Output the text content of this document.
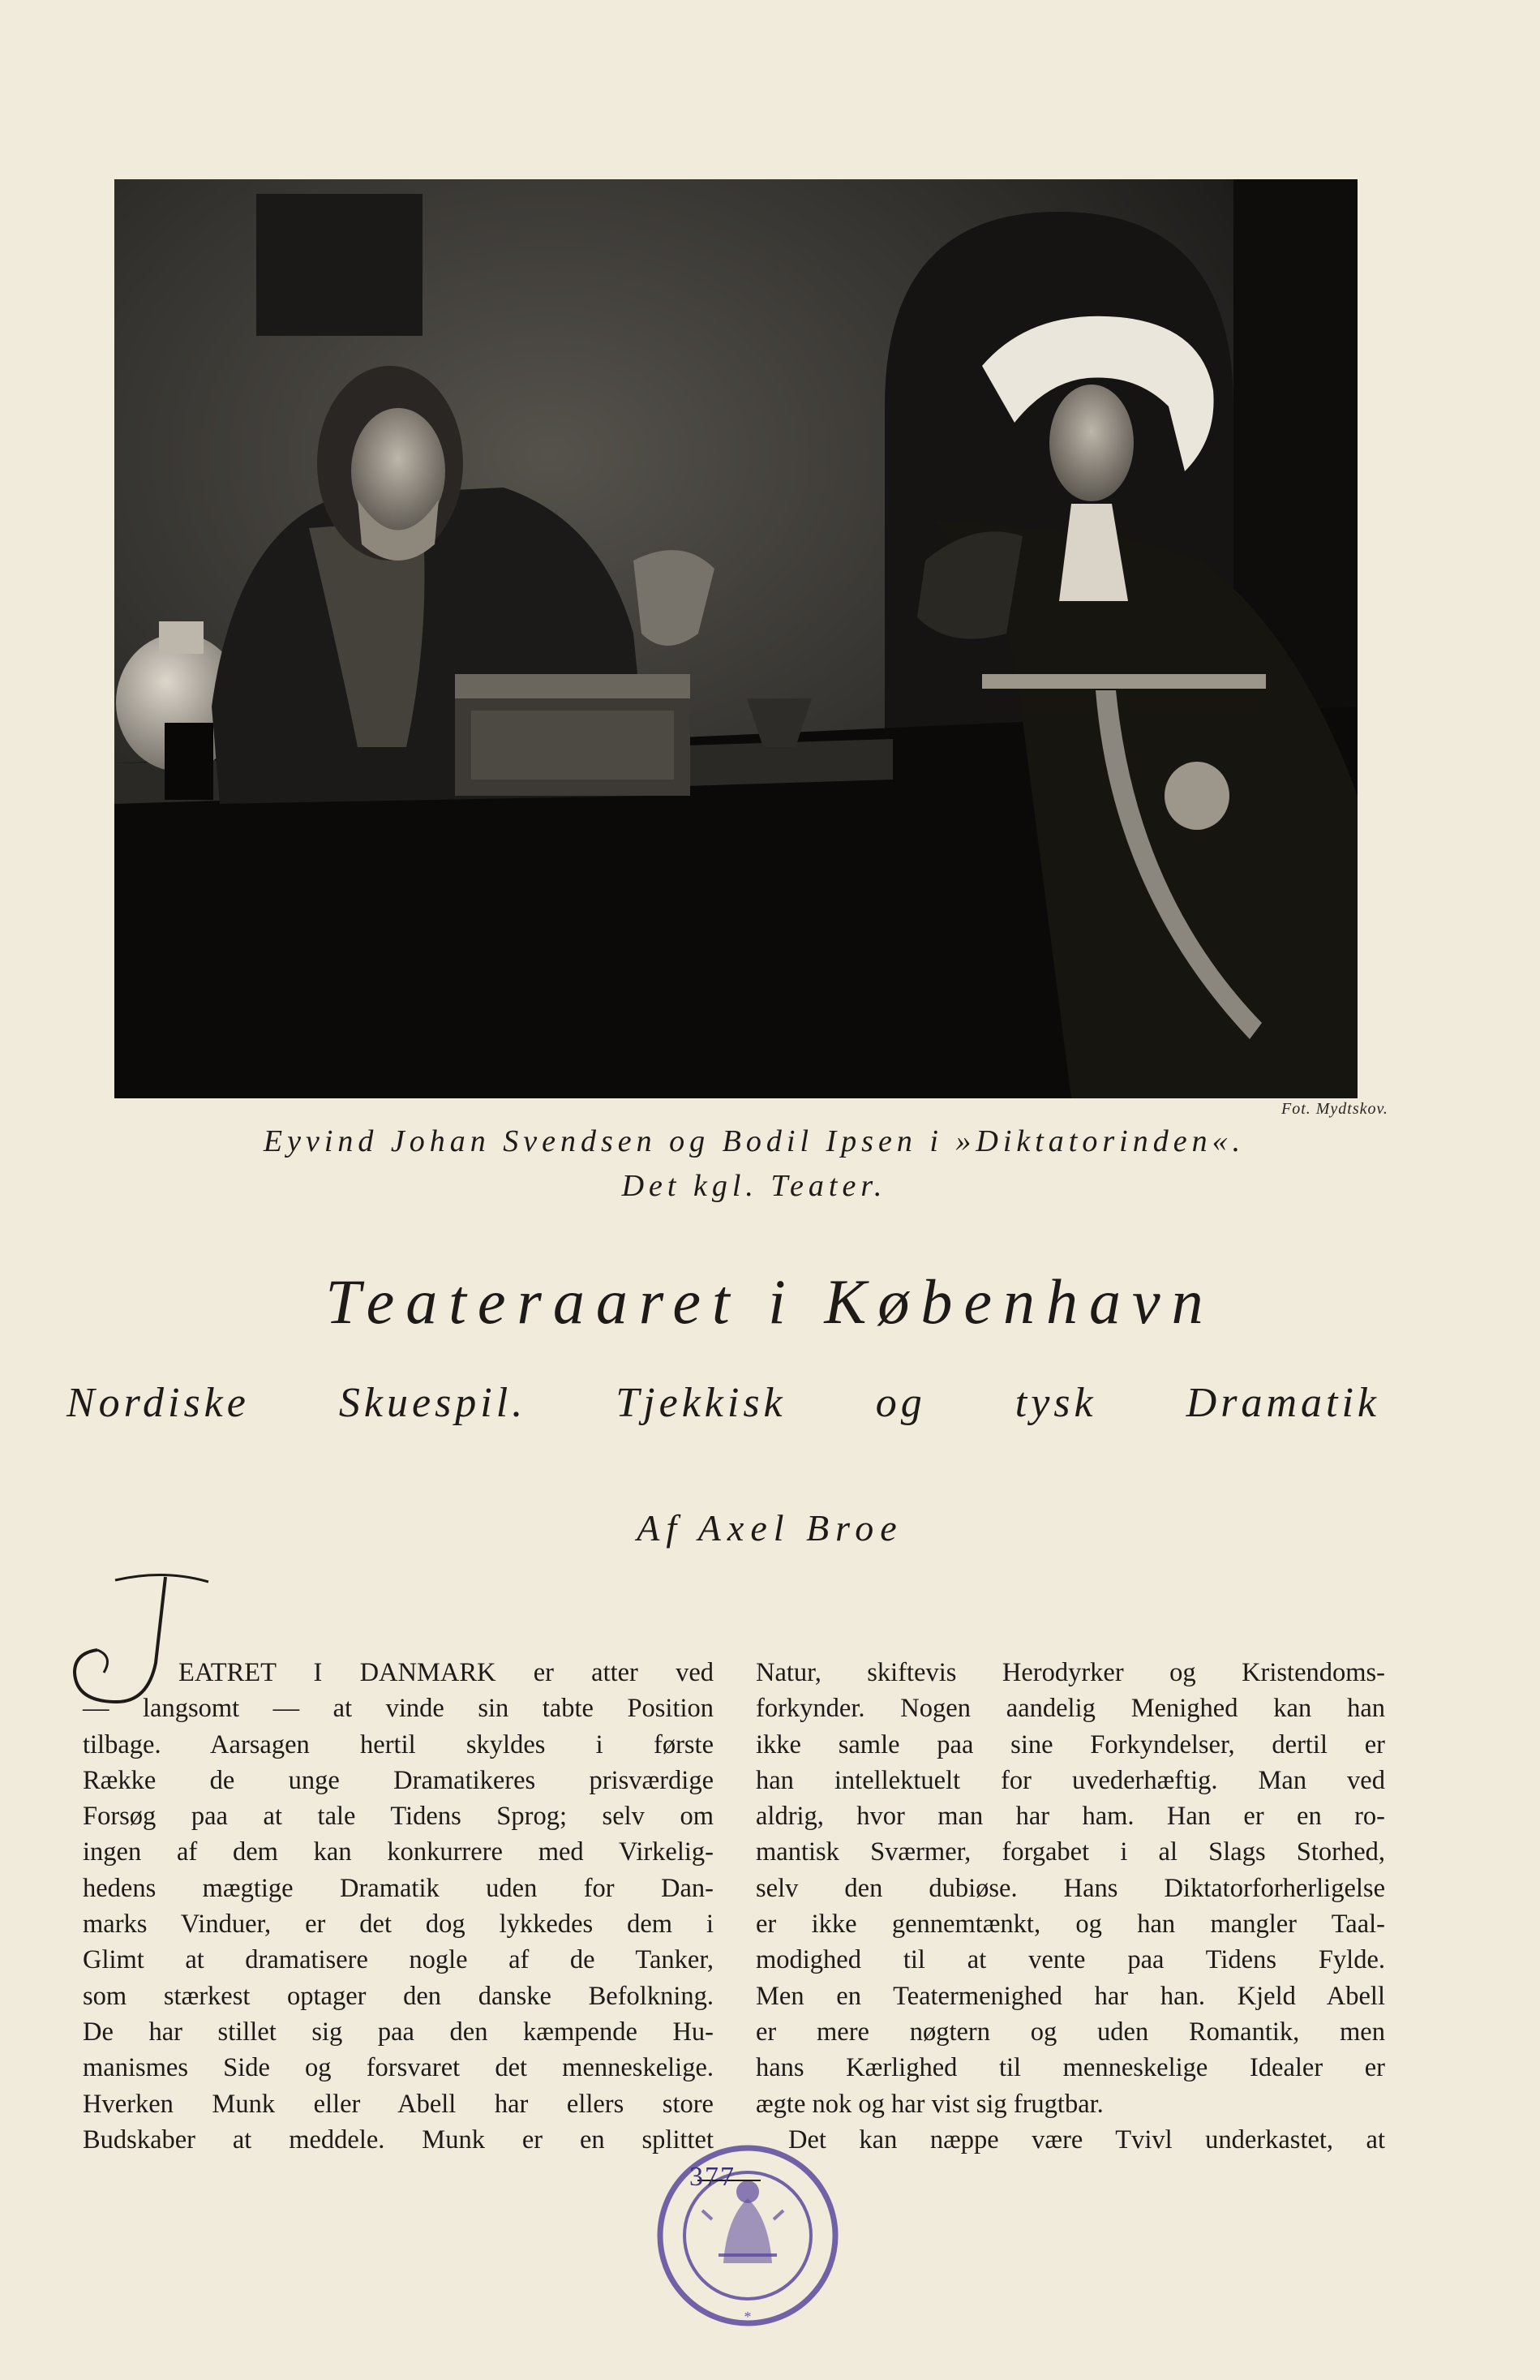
Fot. Mydtskov.
Eyvind Johan Svendsen og Bodil Ipsen i »Diktatorinden«.
Det kgl. Teater.
Teateraaret i København
Nordiske Skuespil. Tjekkisk og tysk Dramatik
Af Axel Broe
T
EATRET I DANMARK er atter ved
— langsomt — at vinde sin tabte Position
tilbage. Aarsagen hertil skyldes i første
Række de unge Dramatikeres prisværdige
Forsøg paa at tale Tidens Sprog; selv om
ingen af dem kan konkurrere med Virkelig-
hedens mægtige Dramatik uden for Dan-
marks Vinduer, er det dog lykkedes dem i
Glimt at dramatisere nogle af de Tanker,
som stærkest optager den danske Befolkning.
De har stillet sig paa den kæmpende Hu-
manismes Side og forsvaret det menneskelige.
Hverken Munk eller Abell har ellers store
Budskaber at meddele. Munk er en splittet
Natur, skiftevis Herodyrker og Kristendoms-
forkynder. Nogen aandelig Menighed kan han
ikke samle paa sine Forkyndelser, dertil er
han intellektuelt for uvederhæftig. Man ved
aldrig, hvor man har ham. Han er en ro-
mantisk Sværmer, forgabet i al Slags Storhed,
selv den dubiøse. Hans Diktatorforherligelse
er ikke gennemtænkt, og han mangler Taal-
modighed til at vente paa Tidens Fylde.
Men en Teatermenighed har han. Kjeld Abell
er mere nøgtern og uden Romantik, men
hans Kærlighed til menneskelige Idealer er
ægte nok og har vist sig frugtbar.
Det kan næppe være Tvivl underkastet, at
*
377
